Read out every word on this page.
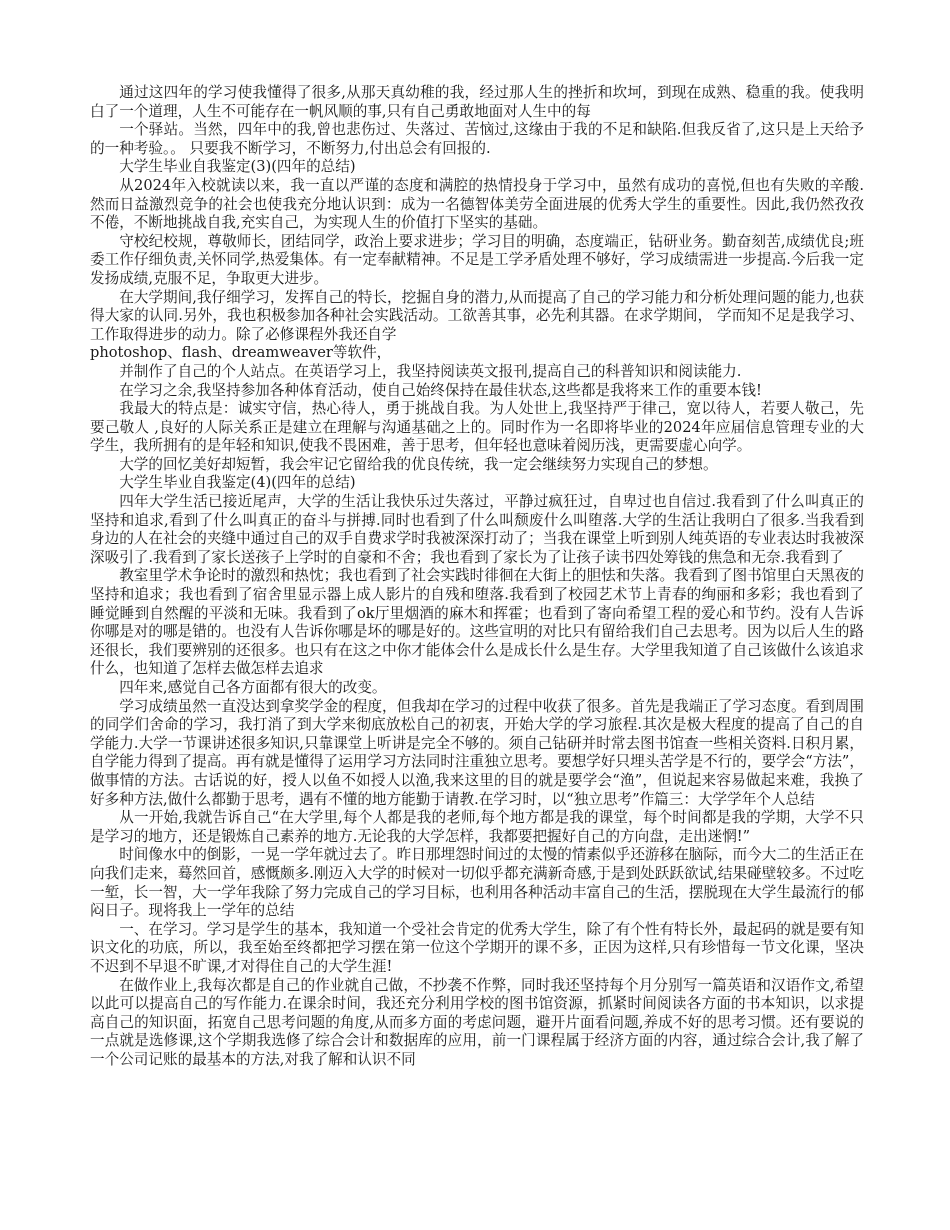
通过这四年的学习使我懂得了很多,从那天真幼稚的我，经过那人生的挫折和坎坷，到现在成熟、稳重的我。使我明白了一个道理，人生不可能存在一帆风顺的事,只有自己勇敢地面对人生中的每

一个驿站。当然，四年中的我,曾也悲伤过、失落过、苦恼过,这缘由于我的不足和缺陷.但我反省了,这只是上天给予的一种考验。。 只要我不断学习，不断努力,付出总会有回报的.

大学生毕业自我鉴定(3)(四年的总结)

从2024年入校就读以来，我一直以严谨的态度和满腔的热情投身于学习中，虽然有成功的喜悦,但也有失败的辛酸.然而日益激烈竞争的社会也使我充分地认识到：成为一名德智体美劳全面进展的优秀大学生的重要性。因此,我仍然孜孜不倦，不断地挑战自我,充实自己，为实现人生的价值打下坚实的基础。

守校纪校规，尊敬师长，团结同学，政治上要求进步；学习目的明确，态度端正，钻研业务。勤奋刻苦,成绩优良;班委工作仔细负责,关怀同学,热爱集体。有一定奉献精神。不足是工学矛盾处理不够好，学习成绩需进一步提高.今后我一定发扬成绩,克服不足，争取更大进步。

在大学期间,我仔细学习，发挥自己的特长，挖掘自身的潜力,从而提高了自己的学习能力和分析处理问题的能力,也获得大家的认同.另外，我也积极参加各种社会实践活动。工欲善其事，必先利其器。在求学期间， 学而知不足是我学习、工作取得进步的动力。除了必修课程外我还自学

photoshop、flash、dreamweaver等软件，

并制作了自己的个人站点。在英语学习上，我坚持阅读英文报刊,提高自己的科普知识和阅读能力.

在学习之余,我坚持参加各种体育活动，使自己始终保持在最佳状态,这些都是我将来工作的重要本钱!

我最大的特点是：诚实守信，热心待人，勇于挑战自我。为人处世上,我坚持严于律己，宽以待人，若要人敬己，先要己敬人 ,良好的人际关系正是建立在理解与沟通基础之上的。同时作为一名即将毕业的2024年应届信息管理专业的大学生，我所拥有的是年轻和知识,使我不畏困难，善于思考，但年轻也意味着阅历浅，更需要虚心向学。

大学的回忆美好却短暂，我会牢记它留给我的优良传统，我一定会继续努力实现自己的梦想。

大学生毕业自我鉴定(4)(四年的总结)

四年大学生活已接近尾声，大学的生活让我快乐过失落过，平静过疯狂过，自卑过也自信过.我看到了什么叫真正的坚持和追求,看到了什么叫真正的奋斗与拼搏.同时也看到了什么叫颓废什么叫堕落.大学的生活让我明白了很多.当我看到身边的人在社会的夹缝中通过自己的双手自费求学时我被深深打动了；当我在课堂上听到别人纯英语的专业表达时我被深深吸引了.我看到了家长送孩子上学时的自豪和不舍；我也看到了家长为了让孩子读书四处筹钱的焦急和无奈.我看到了

教室里学术争论时的激烈和热忱；我也看到了社会实践时徘徊在大街上的胆怯和失落。我看到了图书馆里白天黑夜的坚持和追求；我也看到了宿舍里显示器上成人影片的自残和堕落.我看到了校园艺术节上青春的绚丽和多彩；我也看到了睡觉睡到自然醒的平淡和无味。我看到了ok厅里烟酒的麻木和挥霍；也看到了寄向希望工程的爱心和节约。没有人告诉你哪是对的哪是错的。也没有人告诉你哪是坏的哪是好的。这些宣明的对比只有留给我们自己去思考。因为以后人生的路还很长，我们要辨别的还很多。也只有在这之中你才能体会什么是成长什么是生存。大学里我知道了自己该做什么该追求什么，也知道了怎样去做怎样去追求

四年来,感觉自己各方面都有很大的改变。

学习成绩虽然一直没达到拿奖学金的程度，但我却在学习的过程中收获了很多。首先是我端正了学习态度。看到周围的同学们舍命的学习，我打消了到大学来彻底放松自己的初衷，开始大学的学习旅程.其次是极大程度的提高了自己的自学能力.大学一节课讲述很多知识,只靠课堂上听讲是完全不够的。须自己钻研并时常去图书馆查一些相关资料.日积月累，自学能力得到了提高。再有就是懂得了运用学习方法同时注重独立思考。要想学好只埋头苦学是不行的，要学会“方法”，做事情的方法。古话说的好，授人以鱼不如授人以渔,我来这里的目的就是要学会“渔”，但说起来容易做起来难，我换了好多种方法,做什么都勤于思考，遇有不懂的地方能勤于请教.在学习时，以“独立思考”作篇三：大学学年个人总结

从一开始,我就告诉自己“在大学里,每个人都是我的老师,每个地方都是我的课堂，每个时间都是我的学期，大学不只是学习的地方，还是锻炼自己素养的地方.无论我的大学怎样，我都要把握好自己的方向盘，走出迷惘!”

时间像水中的倒影，一晃一学年就过去了。昨日那埋怨时间过的太慢的情素似乎还游移在脑际，而今大二的生活正在向我们走来，蓦然回首，感慨颇多.刚迈入大学的时候对一切似乎都充满新奇感,于是到处跃跃欲试,结果碰壁较多。不过吃一堑，长一智，大一学年我除了努力完成自己的学习目标，也利用各种活动丰富自己的生活，摆脱现在大学生最流行的郁闷日子。现将我上一学年的总结

一、在学习。学习是学生的基本，我知道一个受社会肯定的优秀大学生，除了有个性有特长外，最起码的就是要有知识文化的功底，所以，我至始至终都把学习摆在第一位这个学期开的课不多，正因为这样,只有珍惜每一节文化课，坚决不迟到不早退不旷课,才对得住自己的大学生涯!

在做作业上,我每次都是自己的作业就自己做，不抄袭不作弊，同时我还坚持每个月分别写一篇英语和汉语作文,希望以此可以提高自己的写作能力.在课余时间，我还充分利用学校的图书馆资源，抓紧时间阅读各方面的书本知识，以求提高自己的知识面，拓宽自己思考问题的角度,从而多方面的考虑问题，避开片面看问题,养成不好的思考习惯。还有要说的一点就是选修课,这个学期我选修了综合会计和数据库的应用，前一门课程属于经济方面的内容，通过综合会计,我了解了一个公司记账的最基本的方法,对我了解和认识不同
